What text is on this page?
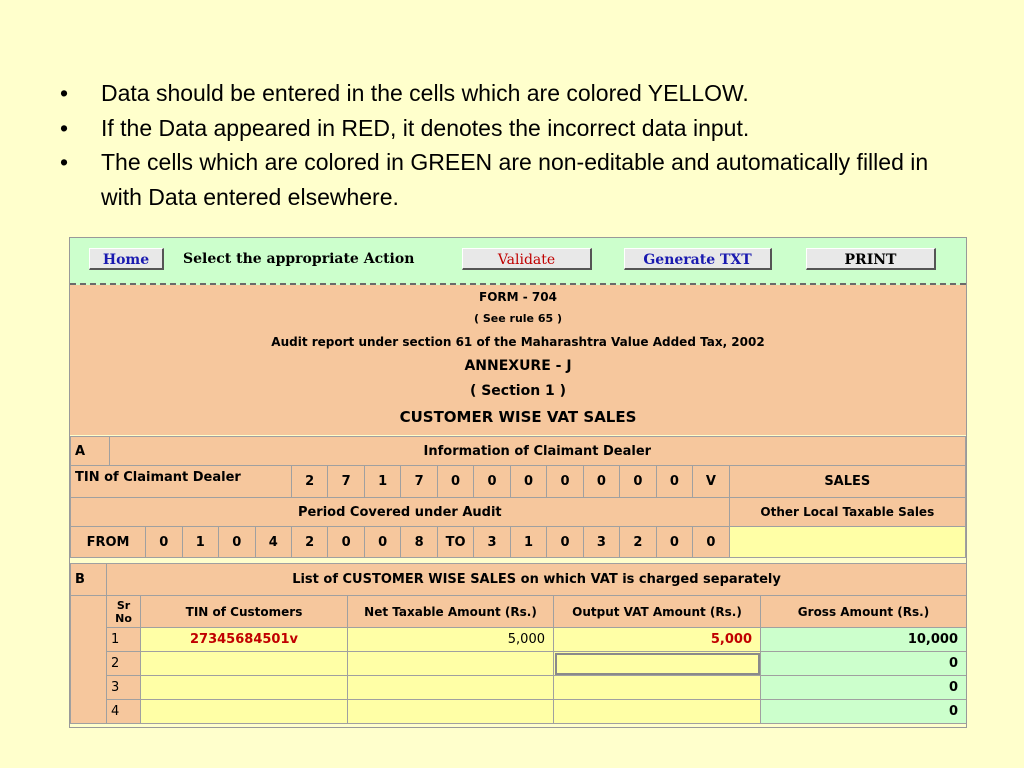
• Data should be entered in the cells which are colored YELLOW.
• If the Data appeared in RED, it denotes the incorrect data input.
• The cells which are colored in GREEN are non-editable and automatically filled in with Data entered elsewhere.
Home	Select the appropriate Action	Validate	Generate TXT	PRINT
FORM - 704
( See rule 65 )
Audit report under section 61 of the Maharashtra Value Added Tax, 2002
ANNEXURE - J
( Section 1 )
CUSTOMER WISE VAT SALES
A	Information of Claimant Dealer																	
TIN of Claimant Dealer						2	7	1	7	0	0	0	0	0	0	0	V	SALES
Period Covered under Audit																		Other Local Taxable Sales
FROM		0	1	0	4	2	0	0	8	TO	3	1	0	3	2	0	0	
B	List of CUSTOMER WISE SALES on which VAT is charged separately				
	Sr No	TIN of Customers	Net Taxable Amount (Rs.)	Output VAT Amount (Rs.)	Gross Amount (Rs.)
	1	27345684501v	5,000	5,000	10,000
	2				0
	3				0
	4				0
